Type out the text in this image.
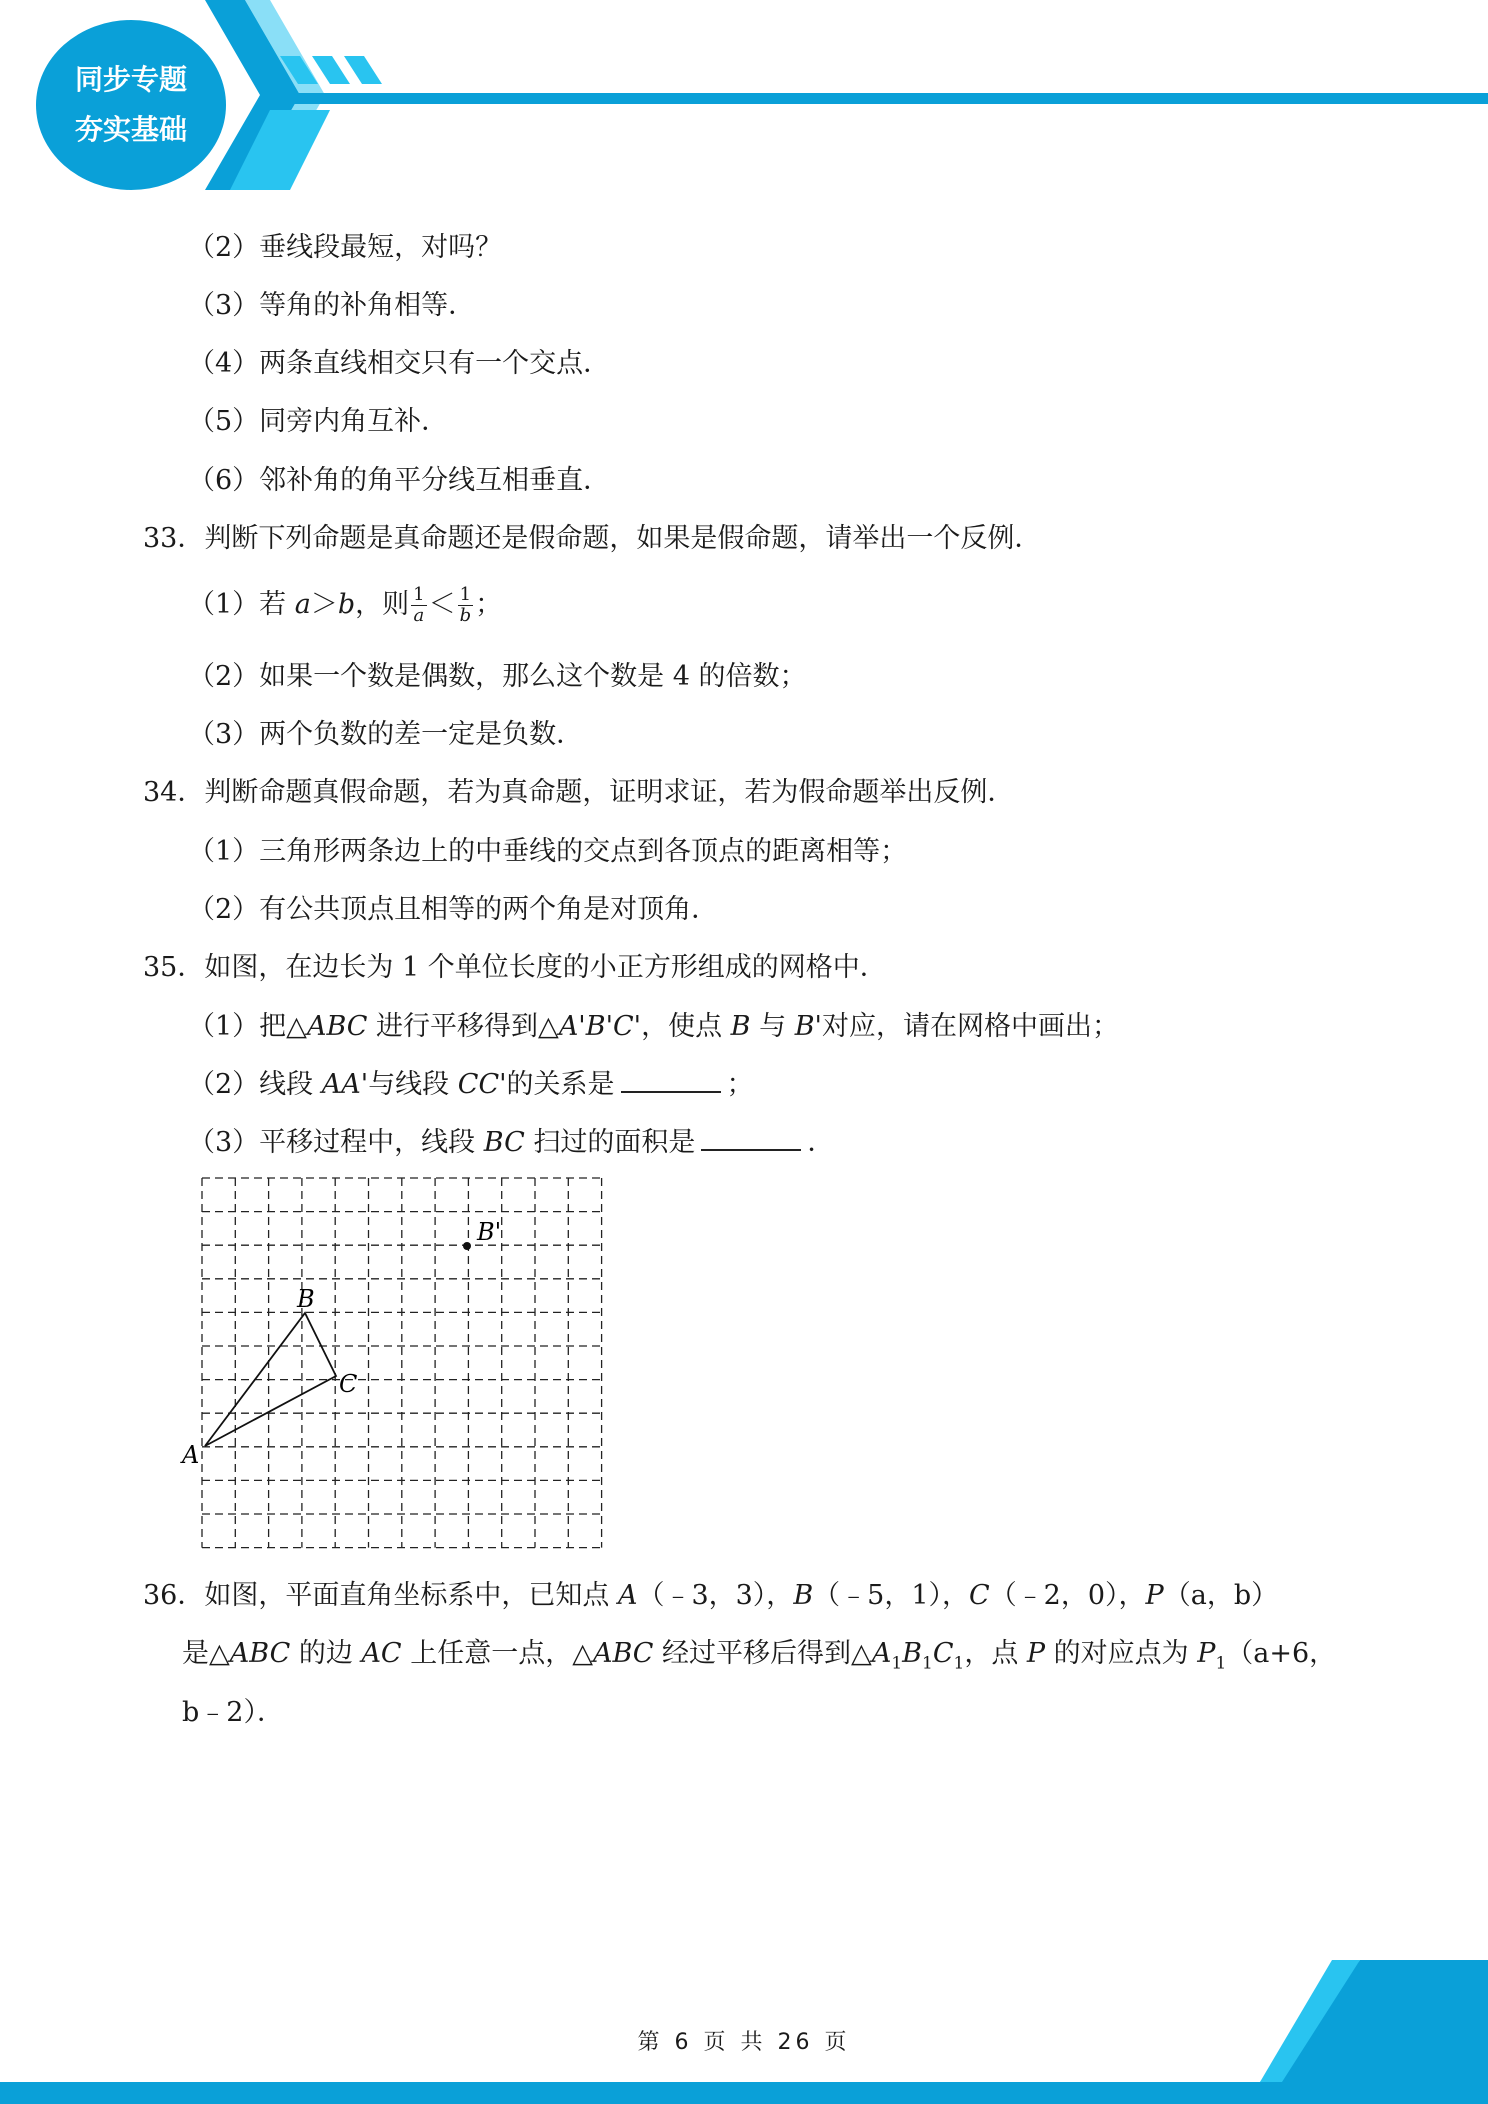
同步专题
夯实基础
（2）垂线段最短，对吗？
（3）等角的补角相等．
（4）两条直线相交只有一个交点．
（5）同旁内角互补．
（6）邻补角的角平分线互相垂直．
33．判断下列命题是真命题还是假命题，如果是假命题，请举出一个反例．
（1）若 a＞b，则 $\frac{1}{a} < \frac{1}{b}$ ；
（2）如果一个数是偶数，那么这个数是 4 的倍数；
（3）两个负数的差一定是负数．
34．判断命题真假命题，若为真命题，证明求证，若为假命题举出反例．
（1）三角形两条边上的中垂线的交点到各顶点的距离相等；
（2）有公共顶点且相等的两个角是对顶角．
35．如图，在边长为 1 个单位长度的小正方形组成的网格中．
（1）把△ABC 进行平移得到△A'B'C'，使点 B 与 B'对应，请在网格中画出；
（2）线段 AA'与线段 CC'的关系是	；
（3）平移过程中，线段 BC 扫过的面积是	．
A
B
C
B'
36．如图，平面直角坐标系中，已知点 A（﹣3，3），B（﹣5，1），C（﹣2，0），P（a，b）
是△ABC 的边 AC 上任意一点，△ABC 经过平移后得到$\triangle A_1B_1C_1$，点 P 的对应点为 $P_1(a+6$，
b﹣2）．
第 6 页 共 26 页
